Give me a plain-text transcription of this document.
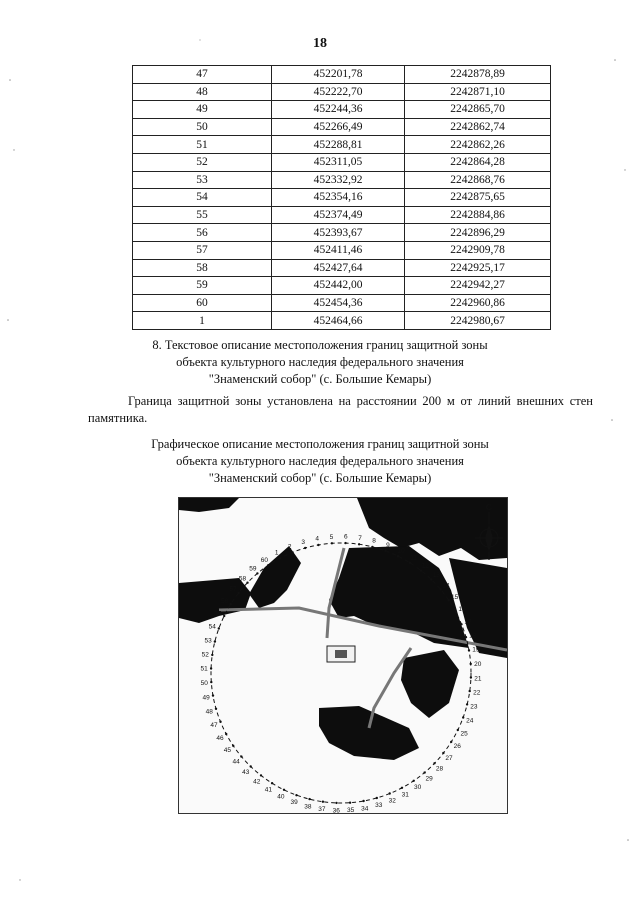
18
47	452201,78	2242878,89
48	452222,70	2242871,10
49	452244,36	2242865,70
50	452266,49	2242862,74
51	452288,81	2242862,26
52	452311,05	2242864,28
53	452332,92	2242868,76
54	452354,16	2242875,65
55	452374,49	2242884,86
56	452393,67	2242896,29
57	452411,46	2242909,78
58	452427,64	2242925,17
59	452442,00	2242942,27
60	452454,36	2242960,86
1	452464,66	2242980,67
8. Текстовое описание местоположения границ защитной зоны
объекта культурного наследия федерального значения
"Знаменский собор" (с. Большие Кемары)
Граница защитной зоны установлена на расстоянии 200 м от линий внешних стен памятника.
Графическое описание местоположения границ защитной зоны
объекта культурного наследия федерального значения
"Знаменский собор" (с. Большие Кемары)
С
9
10
11
12
13
14
15
16
17
18
19
20
21
22
23
24
25
26
27
28
29
30
31
32
33
34
35
36
37
38
39
40
41
42
43
44
45
46
47
48
49
50
51
52
53
54
55
56
57
58
59
60
1
2
3 4 5 6 7 8
